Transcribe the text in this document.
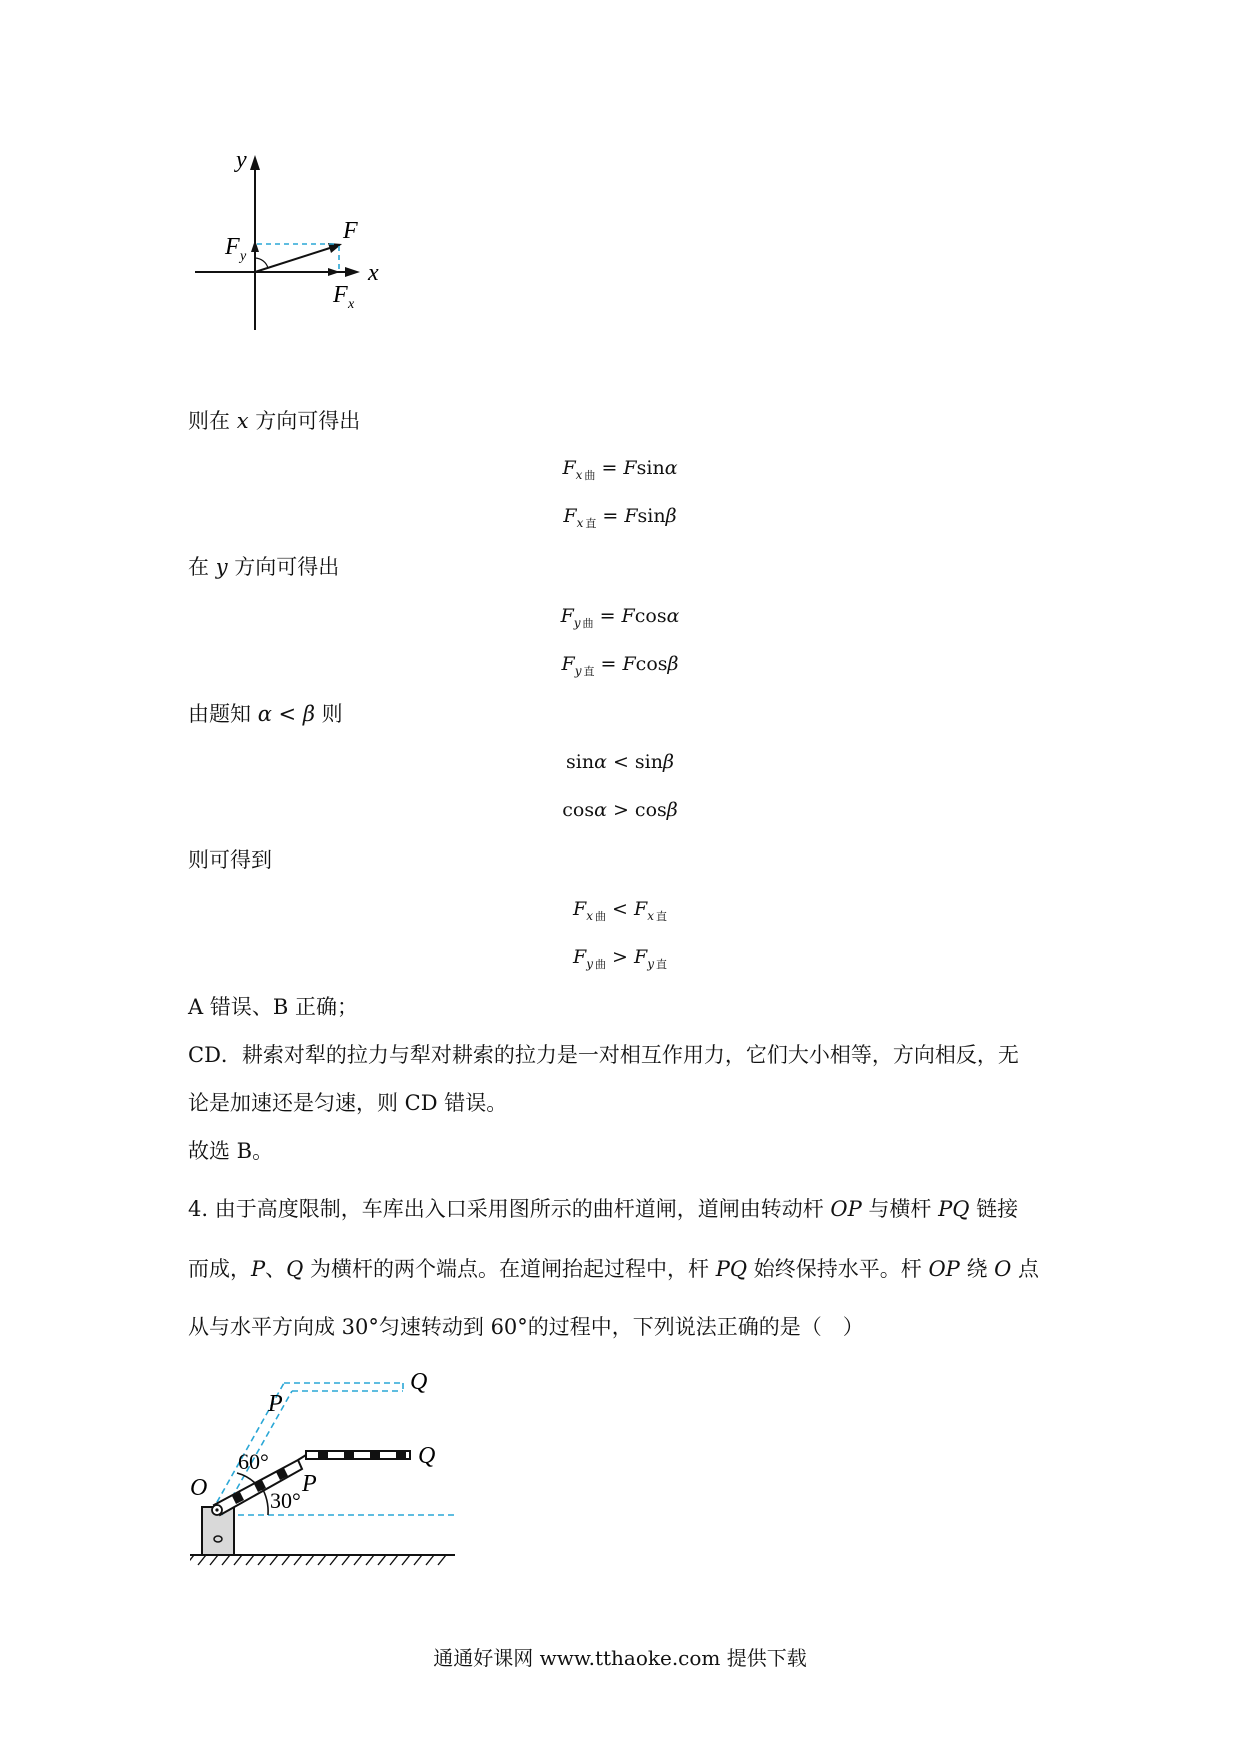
y
x
F
F y
F x
则在 x 方向可得出
$F_x$ $_曲$ = Fsinα
$F_x$ $_直$ = Fsinβ
在 y 方向可得出
$F_y$ $_曲$ = Fcosα
$F_y$ $_直$ = Fcosβ
由题知 α < β 则
sinα < sinβ
cosα > cosβ
则可得到
$F_x$ $_曲 < F_x$ $_直$
$F_y$ $_曲 > F_y$ $_直$
A 错误、B 正确；
CD．耕索对犁的拉力与犁对耕索的拉力是一对相互作用力，它们大小相等，方向相反，无
论是加速还是匀速，则 CD 错误。
故选 B。
4. 由于高度限制，车库出入口采用图所示的曲杆道闸，道闸由转动杆 OP 与横杆 PQ 链接
而成，P、Q 为横杆的两个端点。在道闸抬起过程中，杆 PQ 始终保持水平。杆 OP 绕 O 点
从与水平方向成 30°匀速转动到 60°的过程中，下列说法正确的是（　）
O
P
Q
P
Q
60°
30°
通通好课网 www.tthaoke.com 提供下载
